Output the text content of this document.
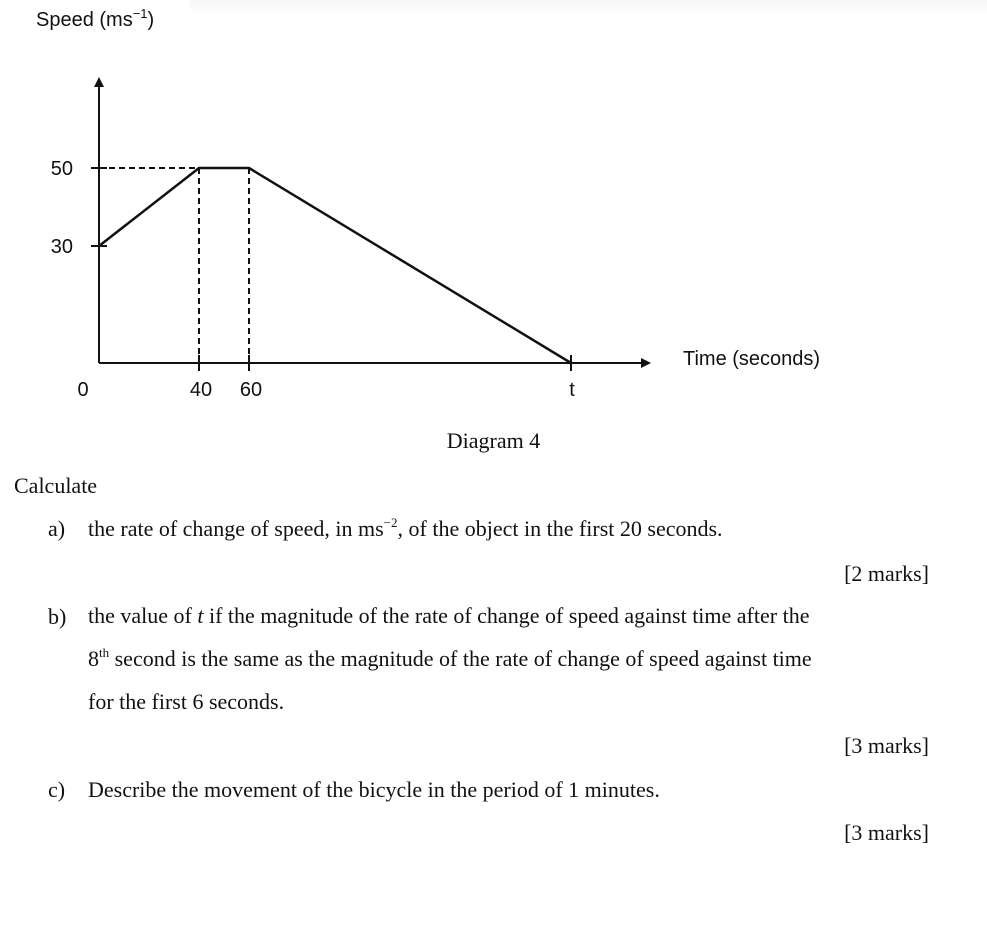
Speed $(ms^{-1})$
50
30
0	40 60	t
Time (seconds)
Diagram 4
Calculate
a) the rate of change of speed, in $ms^{-2}$, of the object in the first 20 seconds.
[2 marks]
b) the value of t if the magnitude of the rate of change of speed against time after the
8th second is the same as the magnitude of the rate of change of speed against time
for the first 6 seconds.
[3 marks]
c) Describe the movement of the bicycle in the period of 1 minutes.
[3 marks]
